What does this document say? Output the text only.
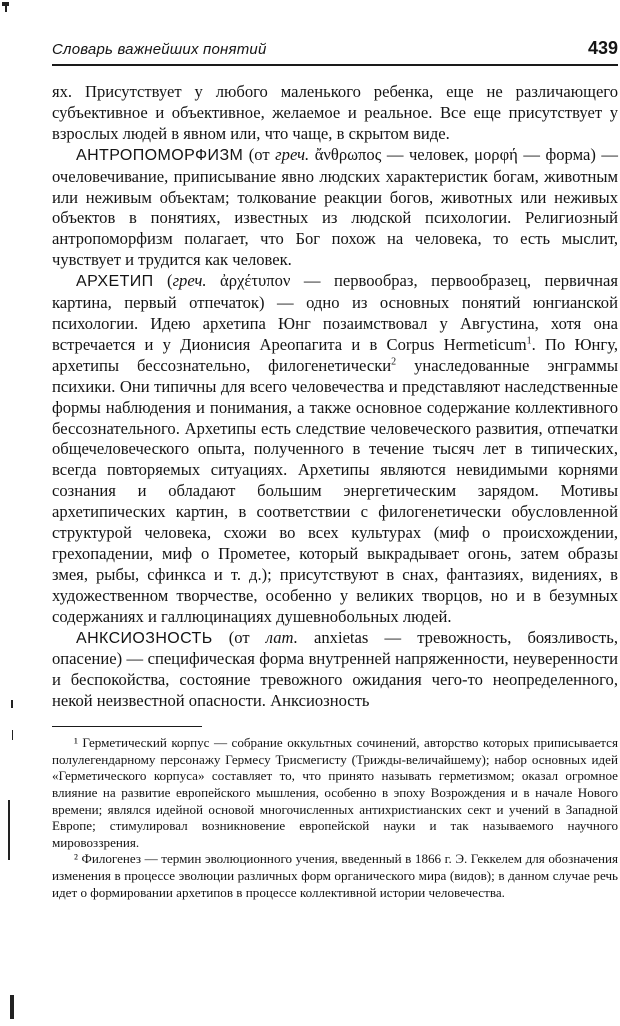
Словарь важнейших понятий	439

ях. Присутствует у любого маленького ребенка, еще не различающего субъективное и объективное, желаемое и реальное. Все еще присутствует у взрослых людей в явном или, что чаще, в скрытом виде.

АНТРОПОМОРФИЗМ (от греч. ἄνθρωπος — человек, μορφή — форма) — очеловечивание, приписывание явно людских характеристик богам, животным или неживым объектам; толкование реакции богов, животных или неживых объектов в понятиях, известных из людской психологии. Религиозный антропоморфизм полагает, что Бог похож на человека, то есть мыслит, чувствует и трудится как человек.

АРХЕТИП (греч. ἀρχέτυπον — первообраз, первообразец, первичная картина, первый отпечаток) — одно из основных понятий юнгианской психологии. Идею архетипа Юнг позаимствовал у Августина, хотя она встречается и у Дионисия Ареопагита и в Corpus Hermeticum$^1$. По Юнгу, архетипы бессознательно, филогенетически$^2$ унаследованные энграммы психики. Они типичны для всего человечества и представляют наследственные формы наблюдения и понимания, а также основное содержание коллективного бессознательного. Архетипы есть следствие человеческого развития, отпечатки общечеловеческого опыта, полученного в течение тысяч лет в типических, всегда повторяемых ситуациях. Архетипы являются невидимыми корнями сознания и обладают большим энергетическим зарядом. Мотивы архетипических картин, в соответствии с филогенетически обусловленной структурой человека, схожи во всех культурах (миф о происхождении, грехопадении, миф о Прометее, который выкрадывает огонь, затем образы змея, рыбы, сфинкса и т. д.); присутствуют в снах, фантазиях, видениях, в художественном творчестве, особенно у великих творцов, но и в безумных содержаниях и галлюцинациях душевнобольных людей.

АНКСИОЗНОСТЬ (от лат. anxietas — тревожность, боязливость, опасение) — специфическая форма внутренней напряженности, неуверенности и беспокойства, состояние тревожного ожидания чего-то неопределенного, некой неизвестной опасности. Анксиозность

¹ Герметический корпус — собрание оккультных сочинений, авторство которых приписывается полулегендарному персонажу Гермесу Трисмегисту (Трижды-величайшему); набор основных идей «Герметического корпуса» составляет то, что принято называть герметизмом; оказал огромное влияние на развитие европейского мышления, особенно в эпоху Возрождения и в начале Нового времени; являлся идейной основой многочисленных антихристианских сект и учений в Западной Европе; стимулировал возникновение европейской науки и так называемого научного мировоззрения.

² Филогенез — термин эволюционного учения, введенный в 1866 г. Э. Геккелем для обозначения изменения в процессе эволюции различных форм органического мира (видов); в данном случае речь идет о формировании архетипов в процессе коллективной истории человечества.
